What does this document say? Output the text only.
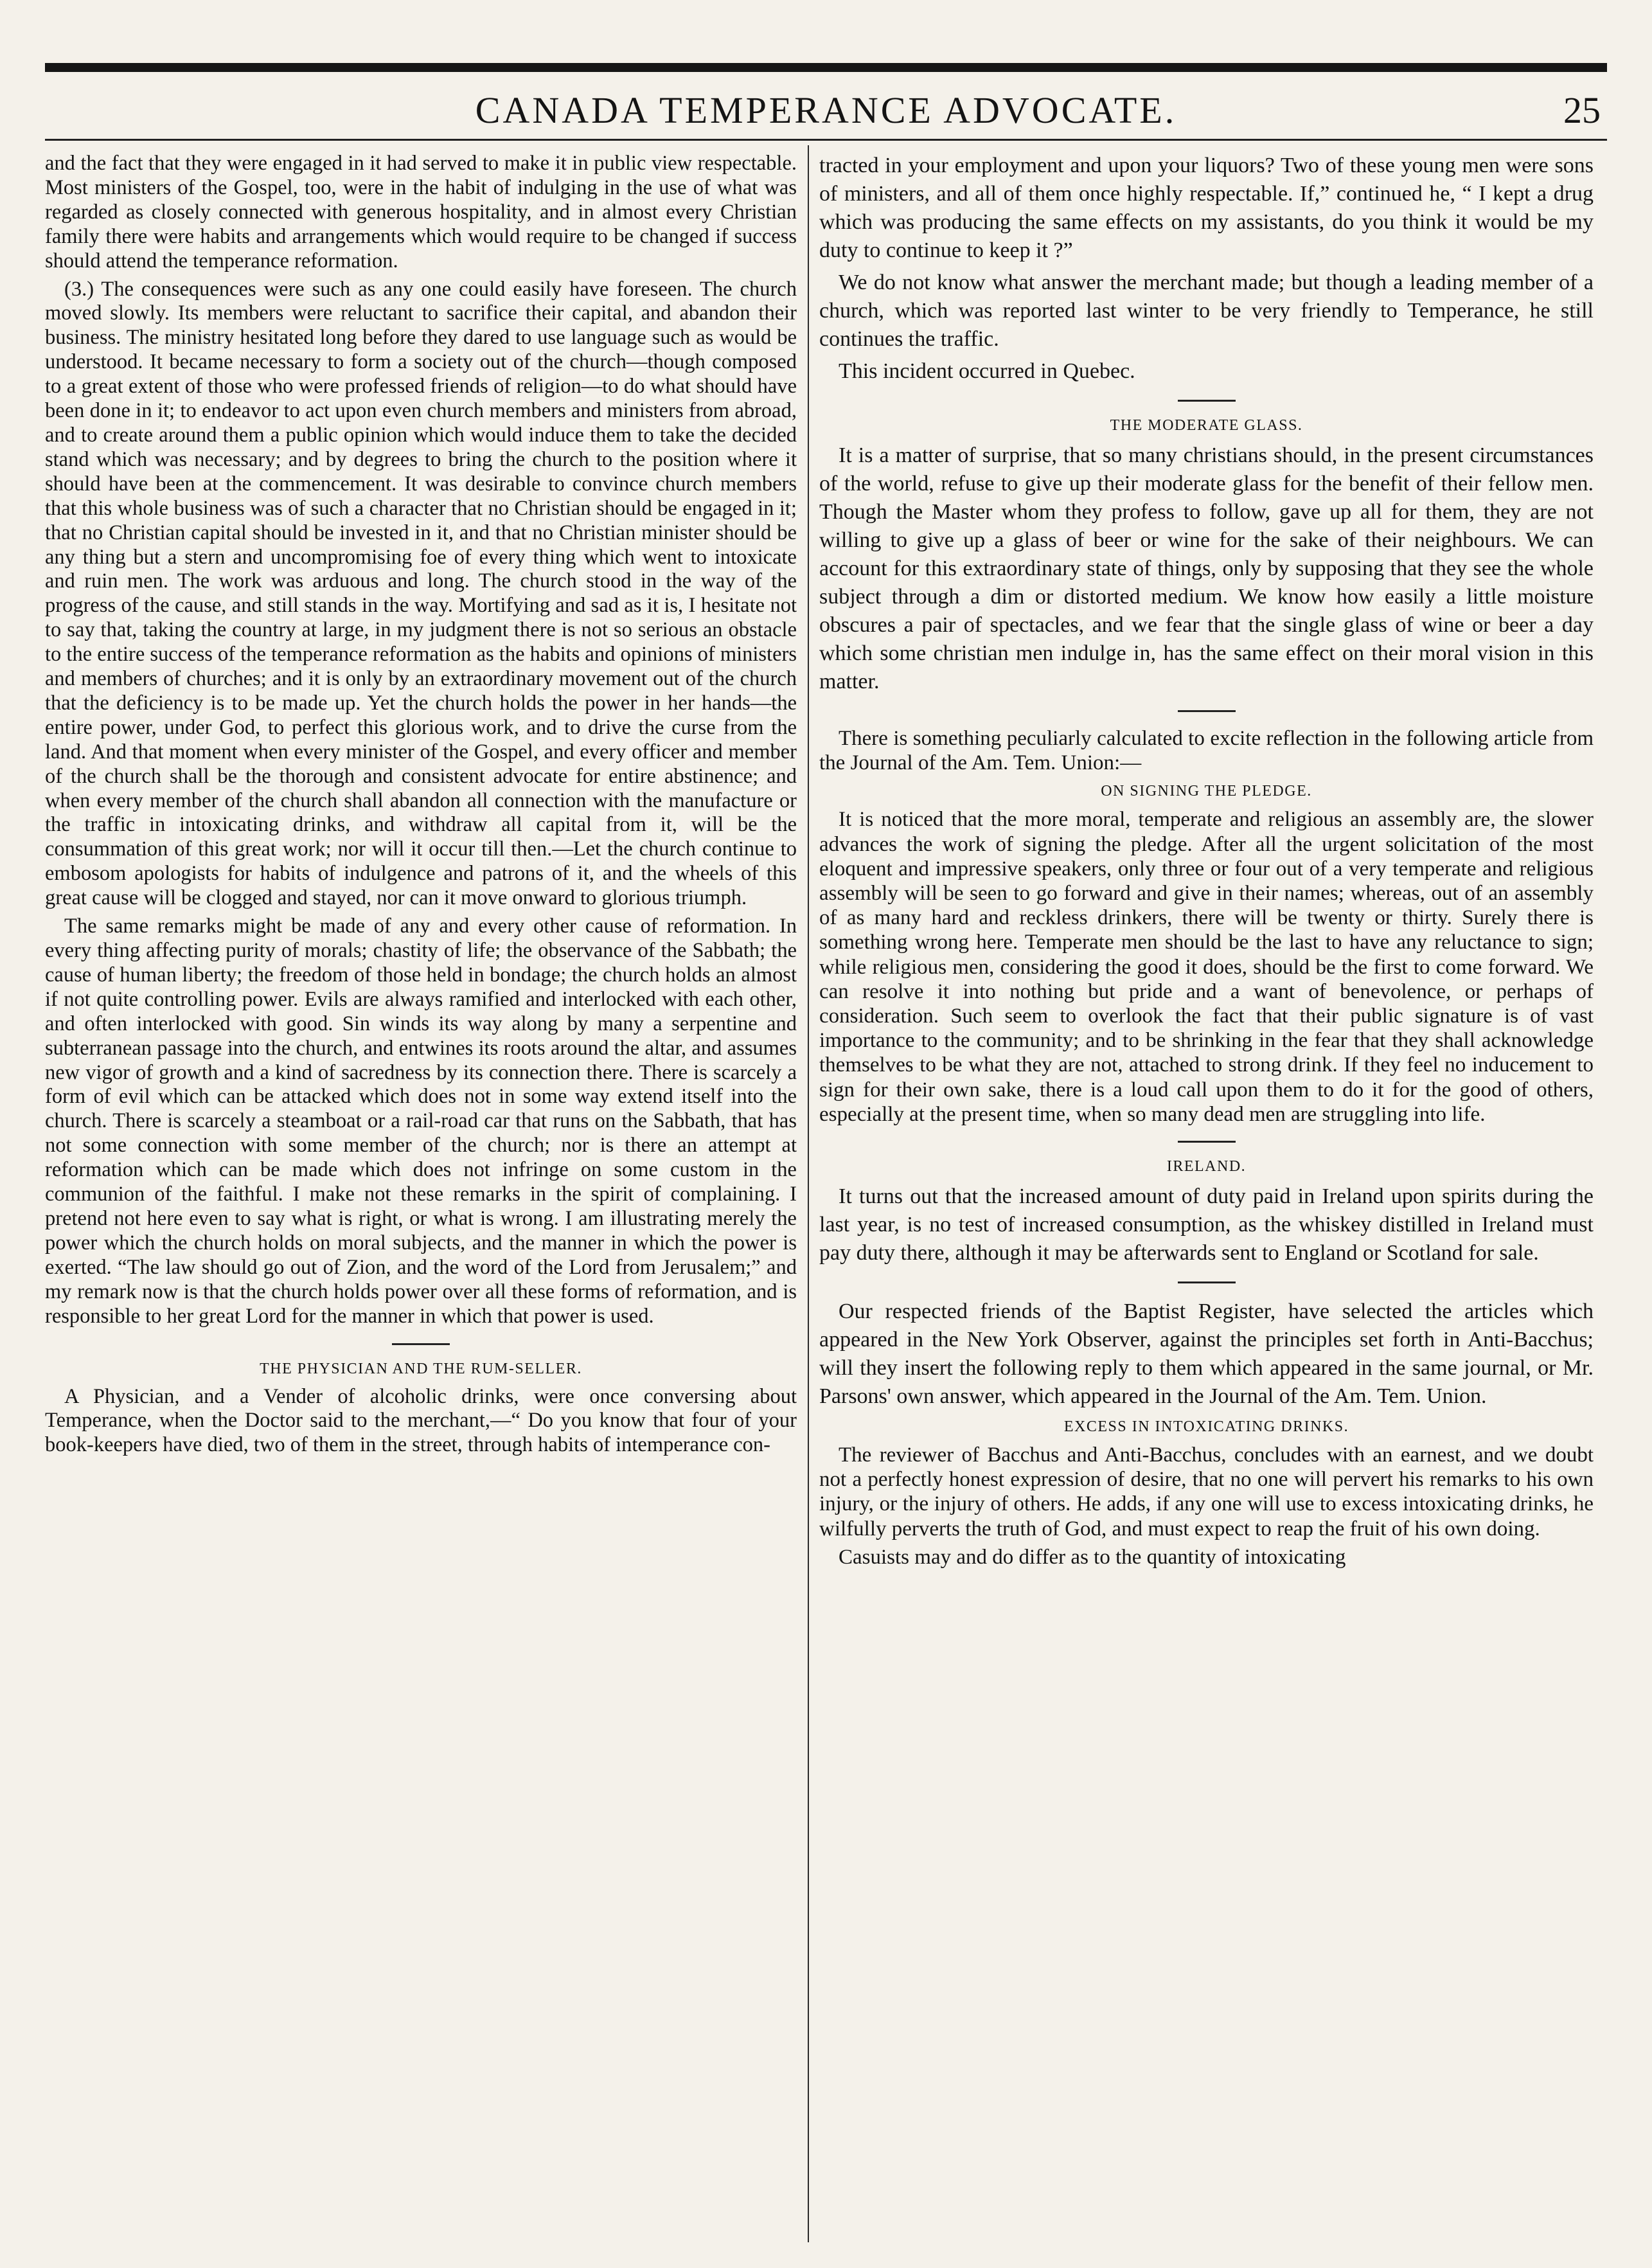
CANADA TEMPERANCE ADVOCATE.	25

and the fact that they were engaged in it had served to make it in public view respectable. Most ministers of the Gospel, too, were in the habit of indulging in the use of what was regarded as closely connected with generous hospitality, and in almost every Christian family there were habits and arrangements which would require to be changed if success should attend the temperance reformation.

(3.) The consequences were such as any one could easily have foreseen. The church moved slowly. Its members were reluctant to sacrifice their capital, and abandon their business. The ministry hesitated long before they dared to use language such as would be understood. It became necessary to form a society out of the church—though composed to a great extent of those who were professed friends of religion—to do what should have been done in it; to endeavor to act upon even church members and ministers from abroad, and to create around them a public opinion which would induce them to take the decided stand which was necessary; and by degrees to bring the church to the position where it should have been at the commencement. It was desirable to convince church members that this whole business was of such a character that no Christian should be engaged in it; that no Christian capital should be invested in it, and that no Christian minister should be any thing but a stern and uncompromising foe of every thing which went to intoxicate and ruin men. The work was arduous and long. The church stood in the way of the progress of the cause, and still stands in the way. Mortifying and sad as it is, I hesitate not to say that, taking the country at large, in my judgment there is not so serious an obstacle to the entire success of the temperance reformation as the habits and opinions of ministers and members of churches; and it is only by an extraordinary movement out of the church that the deficiency is to be made up. Yet the church holds the power in her hands—the entire power, under God, to perfect this glorious work, and to drive the curse from the land. And that moment when every minister of the Gospel, and every officer and member of the church shall be the thorough and consistent advocate for entire abstinence; and when every member of the church shall abandon all connection with the manufacture or the traffic in intoxicating drinks, and withdraw all capital from it, will be the consummation of this great work; nor will it occur till then.—Let the church continue to embosom apologists for habits of indulgence and patrons of it, and the wheels of this great cause will be clogged and stayed, nor can it move onward to glorious triumph.

The same remarks might be made of any and every other cause of reformation. In every thing affecting purity of morals; chastity of life; the observance of the Sabbath; the cause of human liberty; the freedom of those held in bondage; the church holds an almost if not quite controlling power. Evils are always ramified and interlocked with each other, and often interlocked with good. Sin winds its way along by many a serpentine and subterranean passage into the church, and entwines its roots around the altar, and assumes new vigor of growth and a kind of sacredness by its connection there. There is scarcely a form of evil which can be attacked which does not in some way extend itself into the church. There is scarcely a steamboat or a rail-road car that runs on the Sabbath, that has not some connection with some member of the church; nor is there an attempt at reformation which can be made which does not infringe on some custom in the communion of the faithful. I make not these remarks in the spirit of complaining. I pretend not here even to say what is right, or what is wrong. I am illustrating merely the power which the church holds on moral subjects, and the manner in which the power is exerted. “The law should go out of Zion, and the word of the Lord from Jerusalem;” and my remark now is that the church holds power over all these forms of reformation, and is responsible to her great Lord for the manner in which that power is used.

THE PHYSICIAN AND THE RUM-SELLER.

A Physician, and a Vender of alcoholic drinks, were once conversing about Temperance, when the Doctor said to the merchant,—“ Do you know that four of your book-keepers have died, two of them in the street, through habits of intemperance con-

tracted in your employment and upon your liquors? Two of these young men were sons of ministers, and all of them once highly respectable. If,” continued he, “ I kept a drug which was producing the same effects on my assistants, do you think it would be my duty to continue to keep it ?”

We do not know what answer the merchant made; but though a leading member of a church, which was reported last winter to be very friendly to Temperance, he still continues the traffic.

This incident occurred in Quebec.

THE MODERATE GLASS.

It is a matter of surprise, that so many christians should, in the present circumstances of the world, refuse to give up their moderate glass for the benefit of their fellow men. Though the Master whom they profess to follow, gave up all for them, they are not willing to give up a glass of beer or wine for the sake of their neighbours. We can account for this extraordinary state of things, only by supposing that they see the whole subject through a dim or distorted medium. We know how easily a little moisture obscures a pair of spectacles, and we fear that the single glass of wine or beer a day which some christian men indulge in, has the same effect on their moral vision in this matter.

There is something peculiarly calculated to excite reflection in the following article from the Journal of the Am. Tem. Union:—

ON SIGNING THE PLEDGE.

It is noticed that the more moral, temperate and religious an assembly are, the slower advances the work of signing the pledge. After all the urgent solicitation of the most eloquent and impressive speakers, only three or four out of a very temperate and religious assembly will be seen to go forward and give in their names; whereas, out of an assembly of as many hard and reckless drinkers, there will be twenty or thirty. Surely there is something wrong here. Temperate men should be the last to have any reluctance to sign; while religious men, considering the good it does, should be the first to come forward. We can resolve it into nothing but pride and a want of benevolence, or perhaps of consideration. Such seem to overlook the fact that their public signature is of vast importance to the community; and to be shrinking in the fear that they shall acknowledge themselves to be what they are not, attached to strong drink. If they feel no inducement to sign for their own sake, there is a loud call upon them to do it for the good of others, especially at the present time, when so many dead men are struggling into life.

IRELAND.

It turns out that the increased amount of duty paid in Ireland upon spirits during the last year, is no test of increased consumption, as the whiskey distilled in Ireland must pay duty there, although it may be afterwards sent to England or Scotland for sale.

Our respected friends of the Baptist Register, have selected the articles which appeared in the New York Observer, against the principles set forth in Anti-Bacchus; will they insert the following reply to them which appeared in the same journal, or Mr. Parsons' own answer, which appeared in the Journal of the Am. Tem. Union.

EXCESS IN INTOXICATING DRINKS.

The reviewer of Bacchus and Anti-Bacchus, concludes with an earnest, and we doubt not a perfectly honest expression of desire, that no one will pervert his remarks to his own injury, or the injury of others. He adds, if any one will use to excess intoxicating drinks, he wilfully perverts the truth of God, and must expect to reap the fruit of his own doing.

Casuists may and do differ as to the quantity of intoxicating
